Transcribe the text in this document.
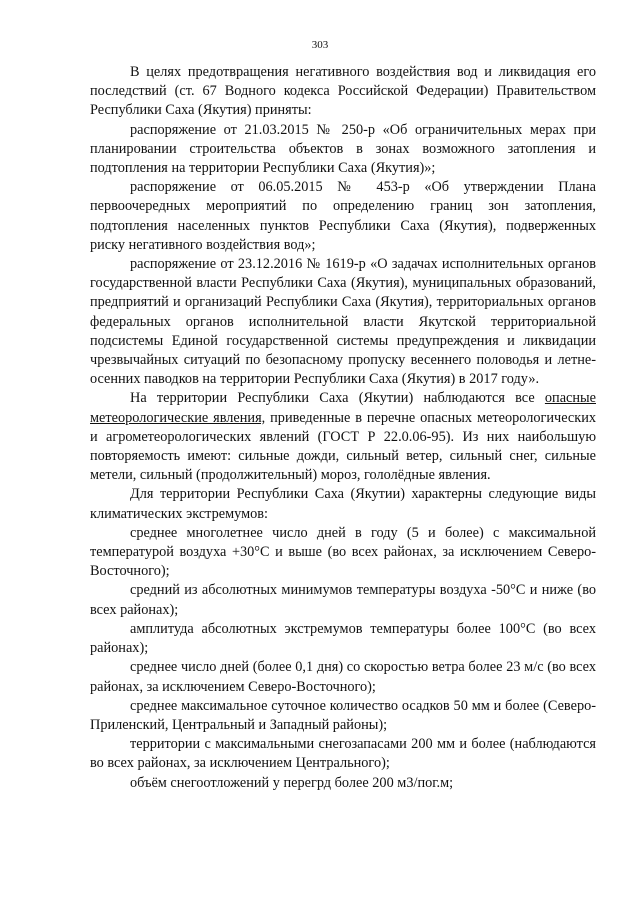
303

В целях предотвращения негативного воздействия вод и ликвидация его последствий (ст. 67 Водного кодекса Российской Федерации) Правительством Республики Саха (Якутия) приняты:

распоряжение от 21.03.2015 № 250-р «Об ограничительных мерах при планировании строительства объектов в зонах возможного затопления и подтопления на территории Республики Саха (Якутия)»;

распоряжение от 06.05.2015 № 453-р «Об утверждении Плана первоочередных мероприятий по определению границ зон затопления, подтопления населенных пунктов Республики Саха (Якутия), подверженных риску негативного воздействия вод»;

распоряжение от 23.12.2016 № 1619-р «О задачах исполнительных органов государственной власти Республики Саха (Якутия), муниципальных образований, предприятий и организаций Республики Саха (Якутия), территориальных органов федеральных органов исполнительной власти Якутской территориальной подсистемы Единой государственной системы предупреждения и ликвидации чрезвычайных ситуаций по безопасному пропуску весеннего половодья и летне-осенних паводков на территории Республики Саха (Якутия) в 2017 году».

На территории Республики Саха (Якутии) наблюдаются все опасные метеорологические явления, приведенные в перечне опасных метеорологических и агрометеорологических явлений (ГОСТ Р 22.0.06-95). Из них наибольшую повторяемость имеют: сильные дожди, сильный ветер, сильный снег, сильные метели, сильный (продолжительный) мороз, гололёдные явления.

Для территории Республики Саха (Якутии) характерны следующие виды климатических экстремумов:

среднее многолетнее число дней в году (5 и более) с максимальной температурой воздуха +30°С и выше (во всех районах, за исключением Северо-Восточного);

средний из абсолютных минимумов температуры воздуха -50°С и ниже (во всех районах);

амплитуда абсолютных экстремумов температуры более 100°С (во всех районах);

среднее число дней (более 0,1 дня) со скоростью ветра более 23 м/с (во всех районах, за исключением Северо-Восточного);

среднее максимальное суточное количество осадков 50 мм и более (Северо-Приленский, Центральный и Западный районы);

территории с максимальными снегозапасами 200 мм и более (наблюдаются во всех районах, за исключением Центрального);

объём снегоотложений у перегрд более 200 м3/пог.м;
